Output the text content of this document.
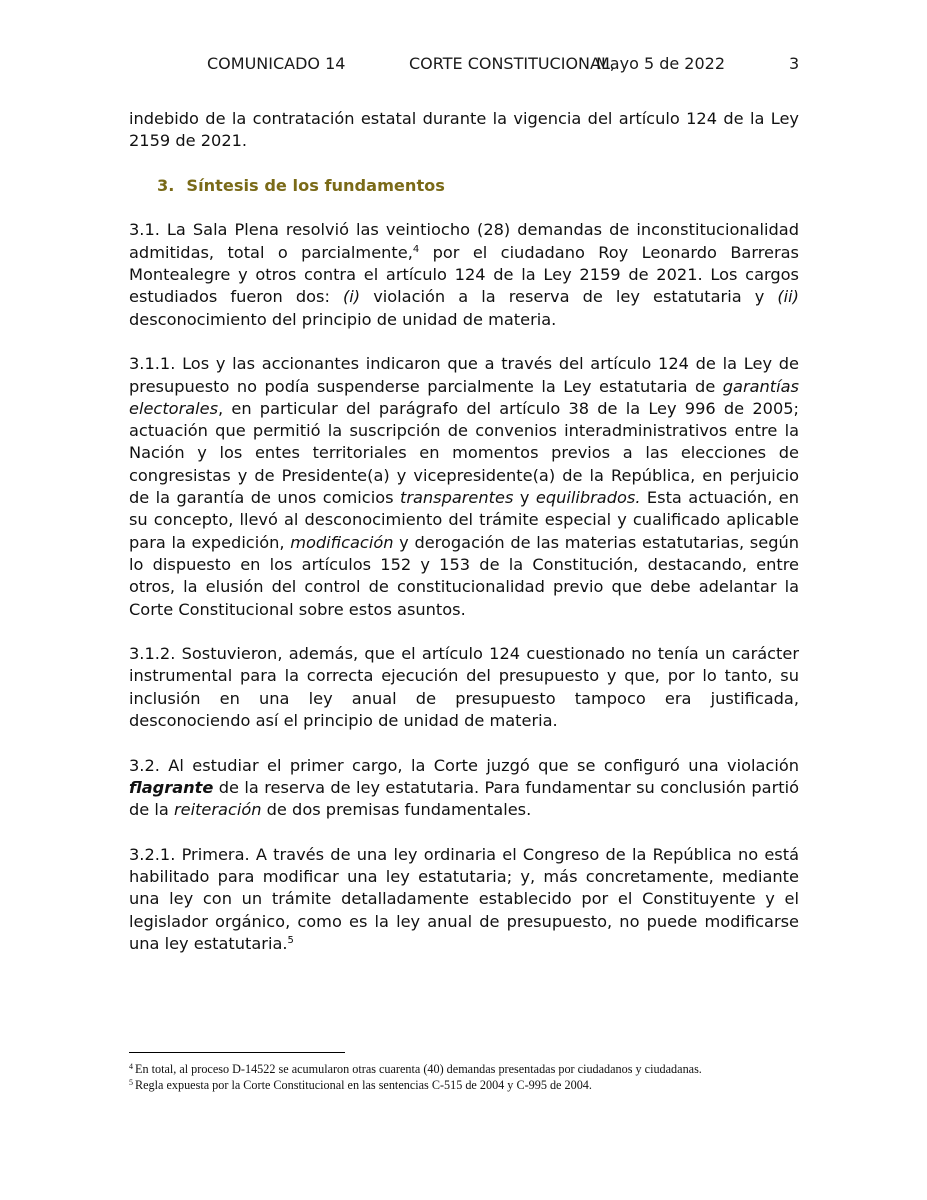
COMUNICADO 14	CORTE CONSTITUCIONAL,
Mayo 5 de 2022	3

indebido de la contratación estatal durante la vigencia del artículo 124 de la Ley 2159 de 2021.

3. Síntesis de los fundamentos

3.1. La Sala Plena resolvió las veintiocho (28) demandas de inconstitucionalidad admitidas, total o parcialmente,$^4$ por el ciudadano Roy Leonardo Barreras Montealegre y otros contra el artículo 124 de la Ley 2159 de 2021. Los cargos estudiados fueron dos: (i) violación a la reserva de ley estatutaria y (ii) desconocimiento del principio de unidad de materia.

3.1.1. Los y las accionantes indicaron que a través del artículo 124 de la Ley de presupuesto no podía suspenderse parcialmente la Ley estatutaria de garantías electorales, en particular del parágrafo del artículo 38 de la Ley 996 de 2005; actuación que permitió la suscripción de convenios interadministrativos entre la Nación y los entes territoriales en momentos previos a las elecciones de congresistas y de Presidente(a) y vicepresidente(a) de la República, en perjuicio de la garantía de unos comicios transparentes y equilibrados. Esta actuación, en su concepto, llevó al desconocimiento del trámite especial y cualificado aplicable para la expedición, modificación y derogación de las materias estatutarias, según lo dispuesto en los artículos 152 y 153 de la Constitución, destacando, entre otros, la elusión del control de constitucionalidad previo que debe adelantar la Corte Constitucional sobre estos asuntos.

3.1.2. Sostuvieron, además, que el artículo 124 cuestionado no tenía un carácter instrumental para la correcta ejecución del presupuesto y que, por lo tanto, su inclusión en una ley anual de presupuesto tampoco era justificada, desconociendo así el principio de unidad de materia.

3.2. Al estudiar el primer cargo, la Corte juzgó que se configuró una violación flagrante de la reserva de ley estatutaria. Para fundamentar su conclusión partió de la reiteración de dos premisas fundamentales.

3.2.1. Primera. A través de una ley ordinaria el Congreso de la República no está habilitado para modificar una ley estatutaria; y, más concretamente, mediante una ley con un trámite detalladamente establecido por el Constituyente y el legislador orgánico, como es la ley anual de presupuesto, no puede modificarse una ley estatutaria.$^5$

$^4$ En total, al proceso D-14522 se acumularon otras cuarenta (40) demandas presentadas por ciudadanos y ciudadanas.

$^5$ Regla expuesta por la Corte Constitucional en las sentencias C-515 de 2004 y C-995 de 2004.
